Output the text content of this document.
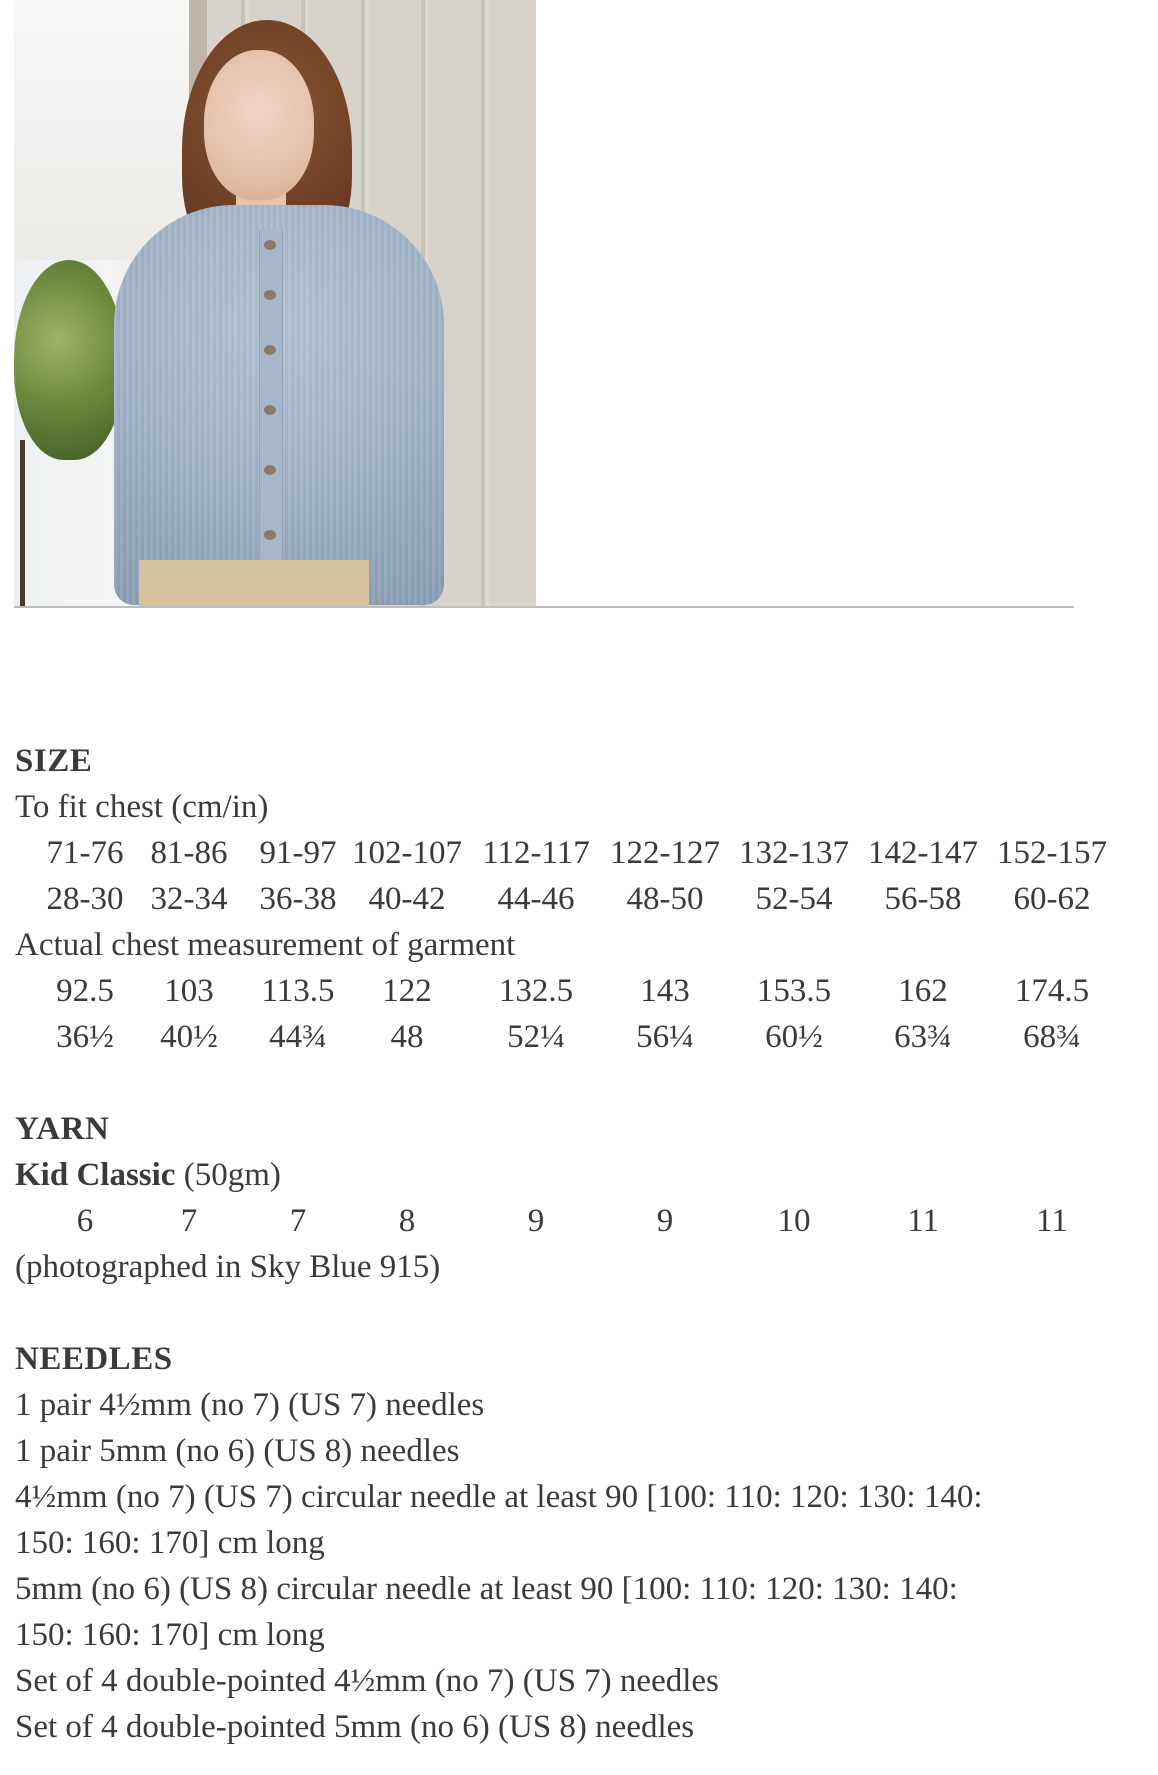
SIZE
To fit chest (cm/in)
71-76 81-86 91-97 102-107 112-117 122-127 132-137 142-147 152-157
28-30 32-34 36-38 40-42	44-46	48-50	52-54	56-58	60-62
Actual chest measurement of garment
92.5	103	113.5	122	132.5	143	153.5	162	174.5
36½	40½	44¾	48	52¼	56¼	60½	63¾	68¾
YARN
Kid Classic (50gm)
6	7	7	8	9	9	10	11	11
(photographed in Sky Blue 915)
NEEDLES
1 pair 4½mm (no 7) (US 7) needles
1 pair 5mm (no 6) (US 8) needles
4½mm (no 7) (US 7) circular needle at least 90 [100: 110: 120: 130: 140:
150: 160: 170] cm long
5mm (no 6) (US 8) circular needle at least 90 [100: 110: 120: 130: 140:
150: 160: 170] cm long
Set of 4 double-pointed 4½mm (no 7) (US 7) needles
Set of 4 double-pointed 5mm (no 6) (US 8) needles
